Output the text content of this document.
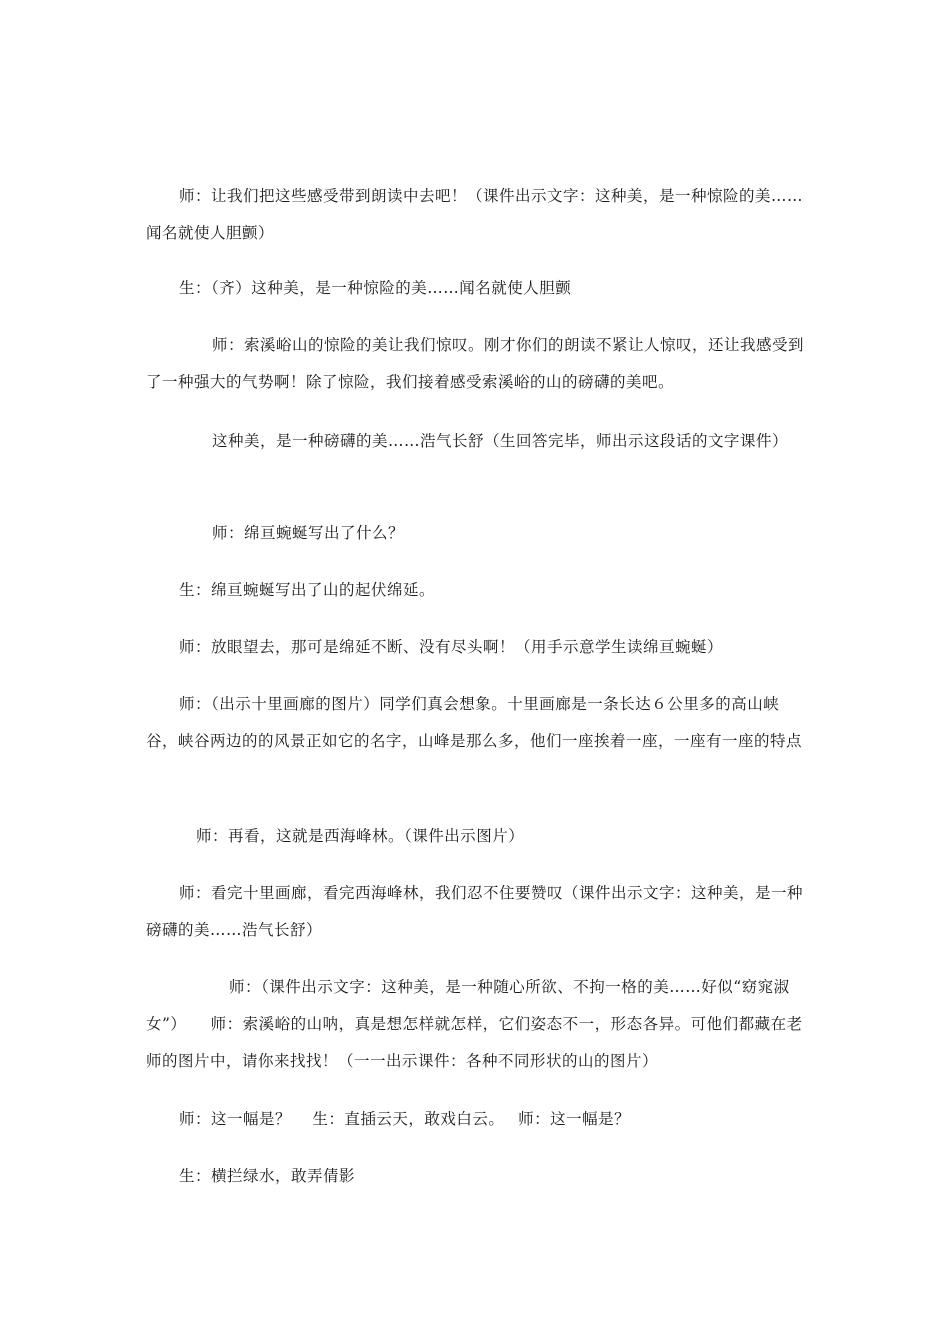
师：让我们把这些感受带到朗读中去吧！（课件出示文字：这种美，是一种惊险的美……闻名就使人胆颤）

生：（齐）这种美，是一种惊险的美……闻名就使人胆颤

师：索溪峪山的惊险的美让我们惊叹。刚才你们的朗读不紧让人惊叹，还让我感受到了一种强大的气势啊！除了惊险，我们接着感受索溪峪的山的磅礴的美吧。

这种美，是一种磅礴的美……浩气长舒（生回答完毕，师出示这段话的文字课件）

师：绵亘蜿蜒写出了什么？

生：绵亘蜿蜒写出了山的起伏绵延。

师：放眼望去，那可是绵延不断、没有尽头啊！（用手示意学生读绵亘蜿蜒）

师：（出示十里画廊的图片）同学们真会想象。十里画廊是一条长达６公里多的高山峡谷，峡谷两边的的风景正如它的名字，山峰是那么多，他们一座挨着一座，一座有一座的特点

师：再看，这就是西海峰林。（课件出示图片）

师：看完十里画廊，看完西海峰林，我们忍不住要赞叹（课件出示文字：这种美，是一种磅礴的美……浩气长舒）

师：（课件出示文字：这种美，是一种随心所欲、不拘一格的美……好似“窈窕淑女”）　　师：索溪峪的山呐，真是想怎样就怎样，它们姿态不一，形态各异。可他们都藏在老师的图片中，请你来找找！（一一出示课件：各种不同形状的山的图片）

师：这一幅是？　 生：直插云天，敢戏白云。　 师：这一幅是？

生：横拦绿水，敢弄倩影
